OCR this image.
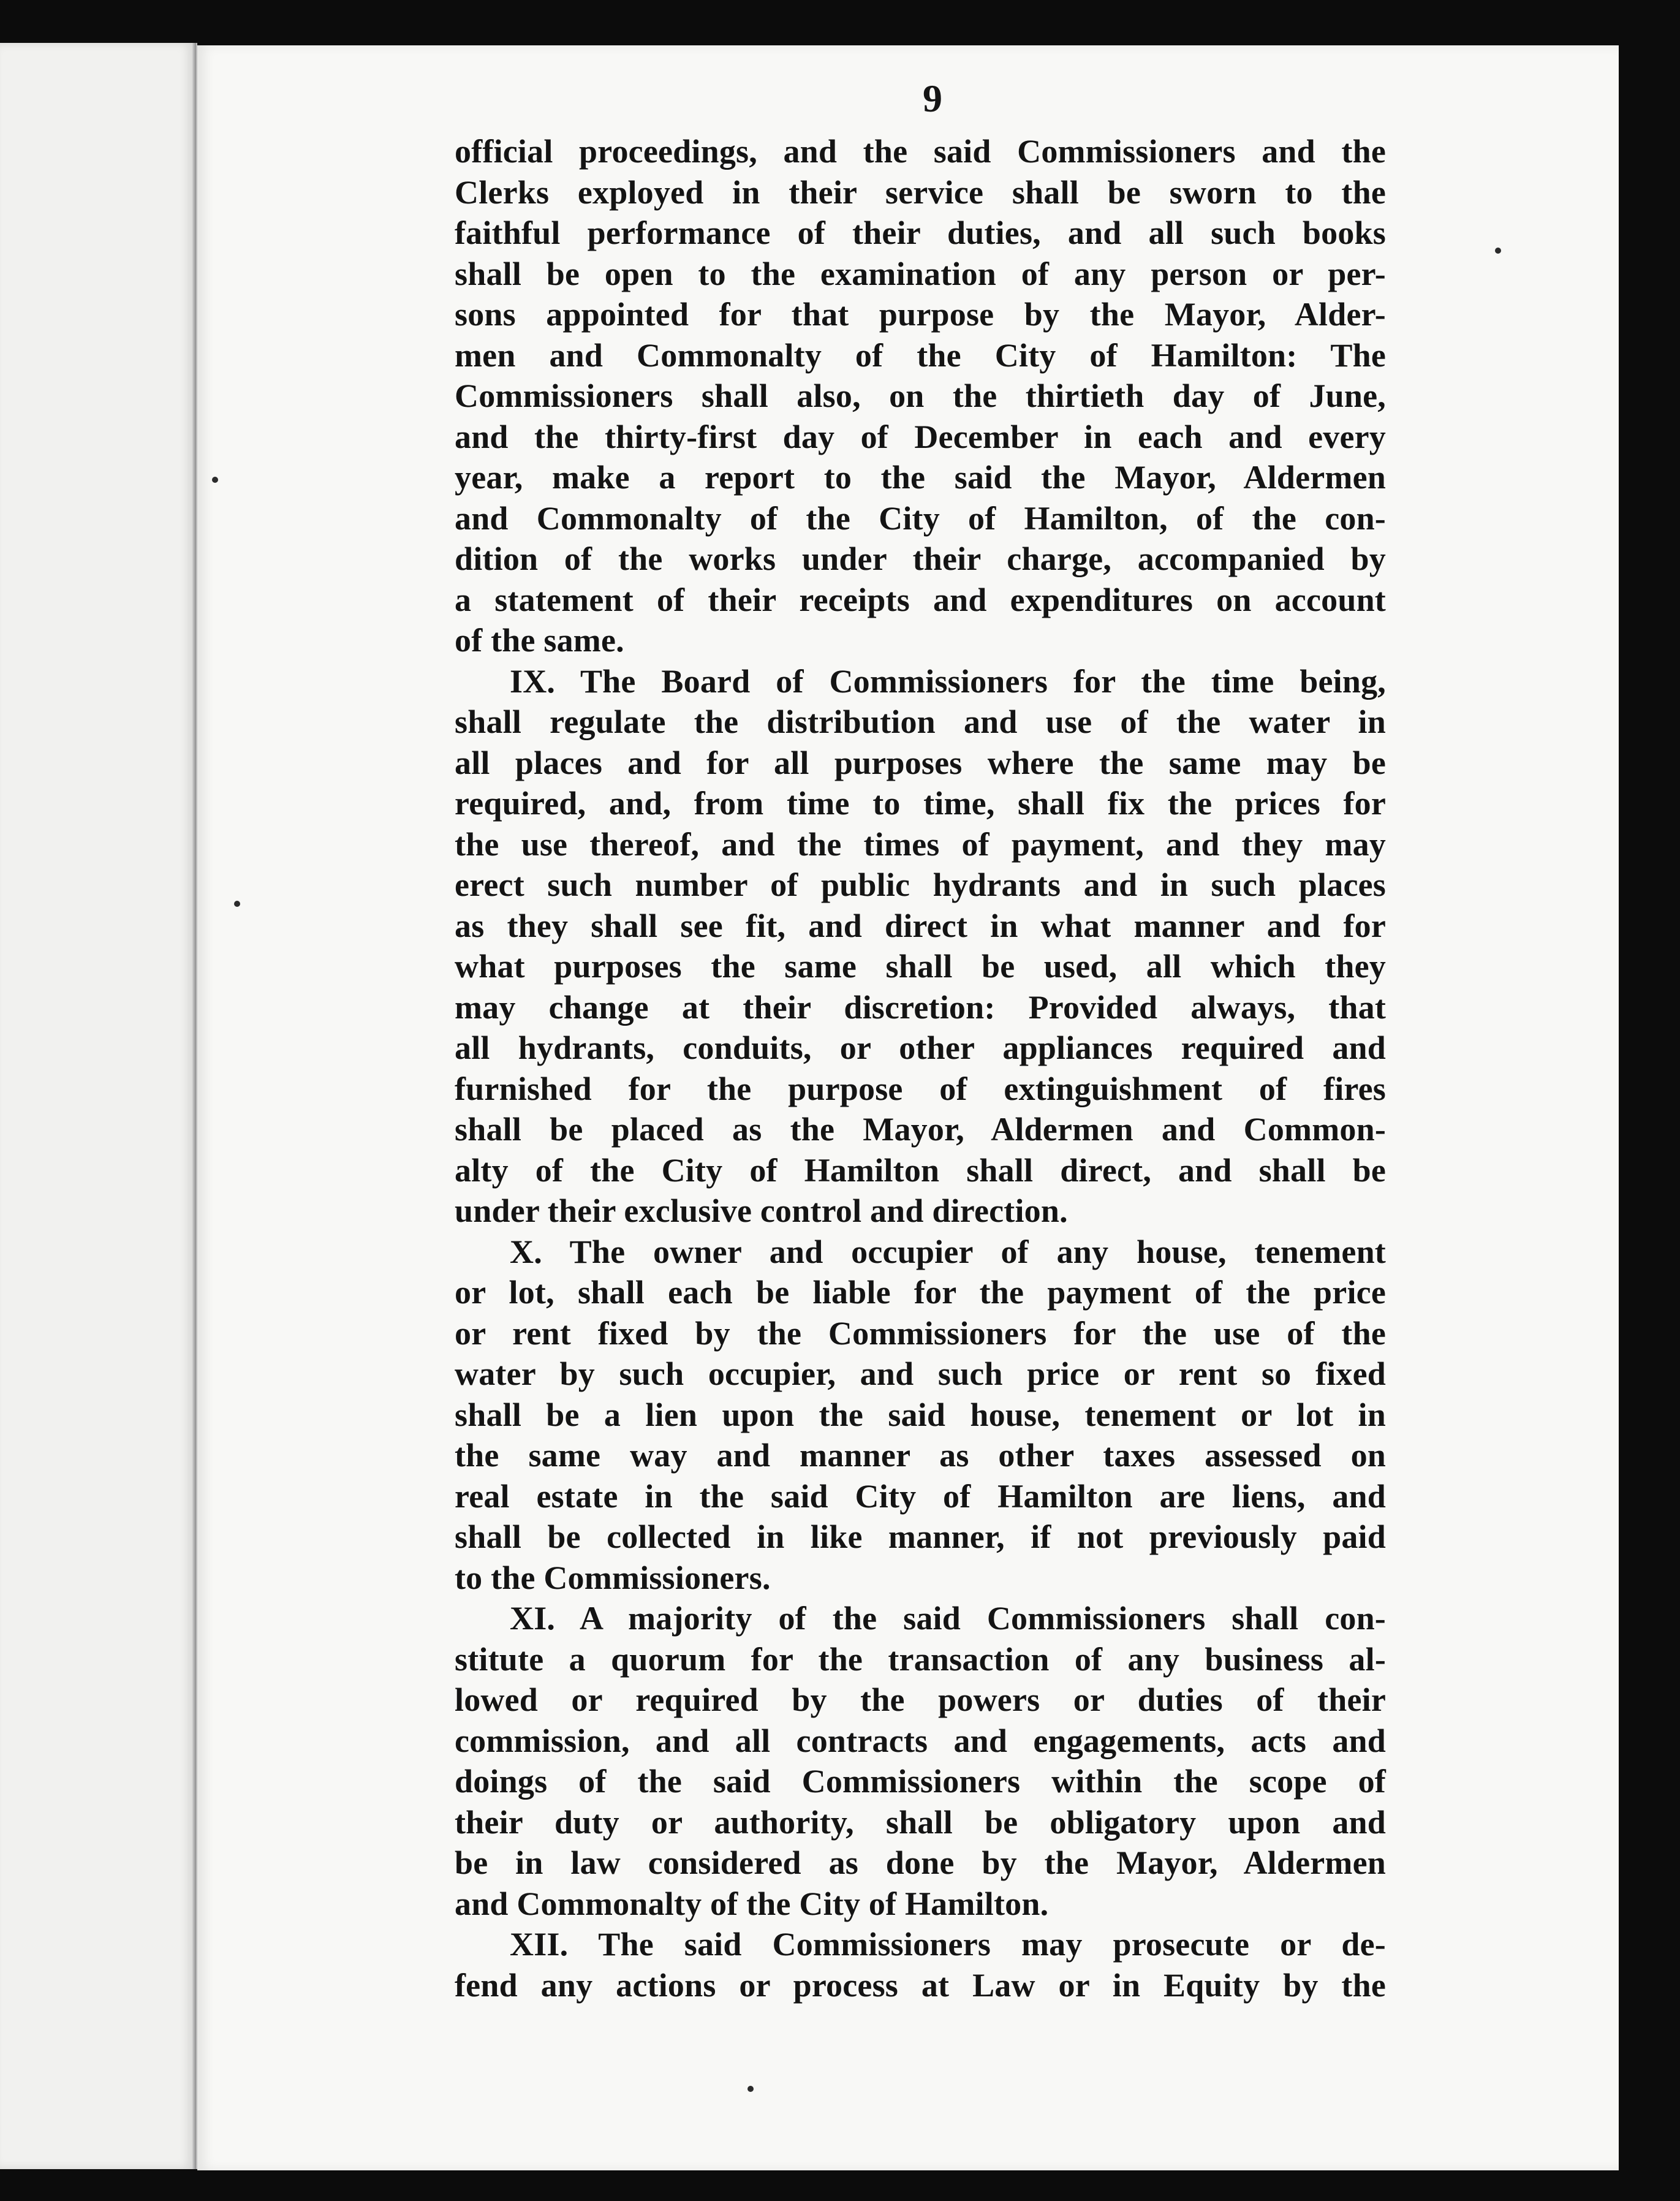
9
official proceedings, and the said Commissioners and the
Clerks exployed in their service shall be sworn to the
faithful performance of their duties, and all such books
shall be open to the examination of any person or per-
sons appointed for that purpose by the Mayor, Alder-
men and Commonalty of the City of Hamilton: The
Commissioners shall also, on the thirtieth day of June,
and the thirty-first day of December in each and every
year, make a report to the said the Mayor, Aldermen
and Commonalty of the City of Hamilton, of the con-
dition of the works under their charge, accompanied by
a statement of their receipts and expenditures on account
of the same.
IX. The Board of Commissioners for the time being,
shall regulate the distribution and use of the water in
all places and for all purposes where the same may be
required, and, from time to time, shall fix the prices for
the use thereof, and the times of payment, and they may
erect such number of public hydrants and in such places
as they shall see fit, and direct in what manner and for
what purposes the same shall be used, all which they
may change at their discretion: Provided always, that
all hydrants, conduits, or other appliances required and
furnished for the purpose of extinguishment of fires
shall be placed as the Mayor, Aldermen and Common-
alty of the City of Hamilton shall direct, and shall be
under their exclusive control and direction.
X. The owner and occupier of any house, tenement
or lot, shall each be liable for the payment of the price
or rent fixed by the Commissioners for the use of the
water by such occupier, and such price or rent so fixed
shall be a lien upon the said house, tenement or lot in
the same way and manner as other taxes assessed on
real estate in the said City of Hamilton are liens, and
shall be collected in like manner, if not previously paid
to the Commissioners.
XI. A majority of the said Commissioners shall con-
stitute a quorum for the transaction of any business al-
lowed or required by the powers or duties of their
commission, and all contracts and engagements, acts and
doings of the said Commissioners within the scope of
their duty or authority, shall be obligatory upon and
be in law considered as done by the Mayor, Aldermen
and Commonalty of the City of Hamilton.
XII. The said Commissioners may prosecute or de-
fend any actions or process at Law or in Equity by the
